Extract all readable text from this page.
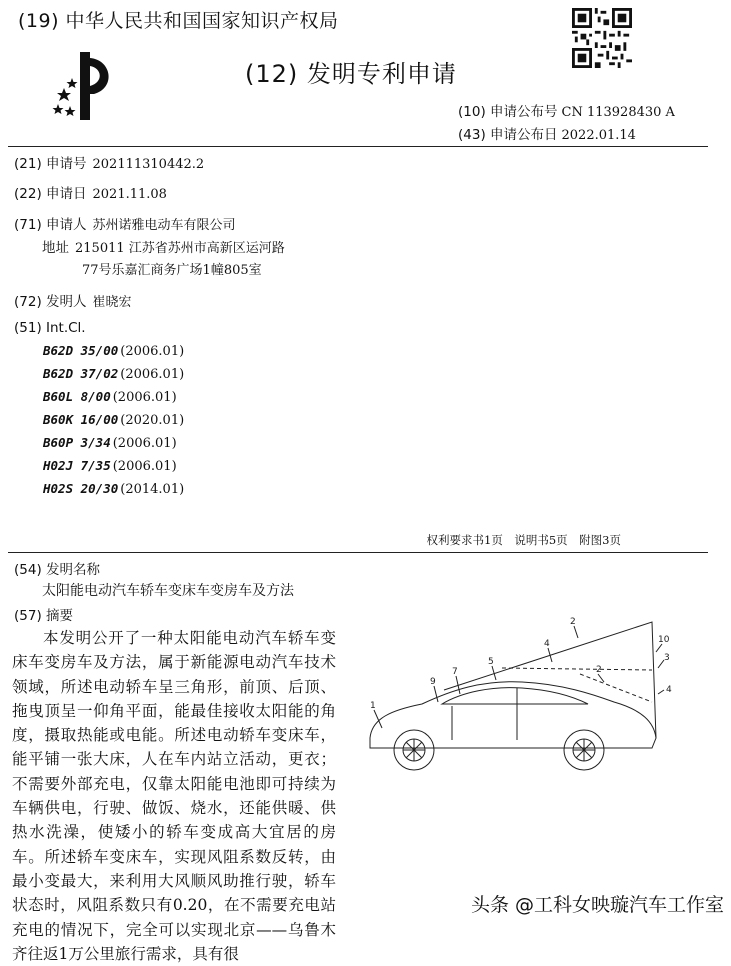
(19) 中华人民共和国国家知识产权局
(12) 发明专利申请
(10) 申请公布号 CN 113928430 A
(43) 申请公布日 2022.01.14
(21) 申请号 202111310442.2
(22) 申请日 2021.11.08
(71) 申请人 苏州诺雅电动车有限公司
地址 215011 江苏省苏州市高新区运河路
77号乐嘉汇商务广场1幢805室
(72) 发明人 崔晓宏
(51) Int.Cl.
B62D 35/00 (2006.01)
B62D 37/02 (2006.01)
B60L 8/00 (2006.01)
B60K 16/00 (2020.01)
B60P 3/34 (2006.01)
H02J 7/35 (2006.01)
H02S 20/30 (2014.01)
权利要求书1页　说明书5页　附图3页
(54) 发明名称
太阳能电动汽车轿车变床车变房车及方法
(57) 摘要
本发明公开了一种太阳能电动汽车轿车变床车变房车及方法，属于新能源电动汽车技术领域，所述电动轿车呈三角形，前顶、后顶、拖曳顶呈一仰角平面，能最佳接收太阳能的角度，摄取热能或电能。所述电动轿车变床车，能平铺一张大床，人在车内站立活动，更衣；不需要外部充电，仅靠太阳能电池即可持续为车辆供电，行驶、做饭、烧水，还能供暖、供热水洗澡，使矮小的轿车变成高大宜居的房车。所述轿车变床车，实现风阻系数反转，由最小变最大，来利用大风顺风助推行驶，轿车状态时，风阻系数只有0.20，在不需要充电站充电的情况下，完全可以实现北京——乌鲁木齐往返1万公里旅行需求，具有很
1
9
7
5
4
2
10
3
2
4
头条 @工科女映璇汽车工作室
